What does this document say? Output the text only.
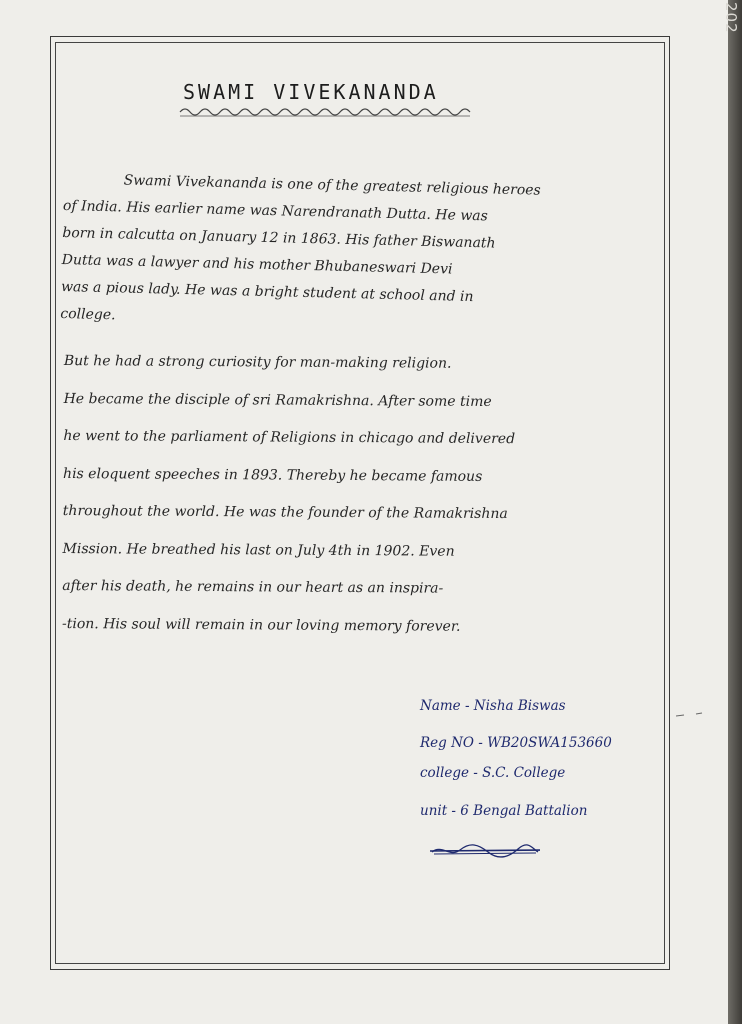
SWAMI VIVEKANANDA

Swami Vivekananda is one of the greatest religious heroes
of India. His earlier name was Narendranath Dutta. He was
born in calcutta on January 12 in 1863. His father Biswanath
Dutta was a lawyer and his mother Bhubaneswari Devi
was a pious lady. He was a bright student at school and in
college.

But he had a strong curiosity for man-making religion.
He became the disciple of sri Ramakrishna. After some time
he went to the parliament of Religions in chicago and delivered
his eloquent speeches in 1893. Thereby he became famous
throughout the world. He was the founder of the Ramakrishna
Mission. He breathed his last on July 4th in 1902. Even
after his death, he remains in our heart as an inspira-
-tion. His soul will remain in our loving memory forever.

Name - Nisha Biswas
Reg NO - WB20SWA153660
college - S.C. College
unit - 6 Bengal Battalion
202
